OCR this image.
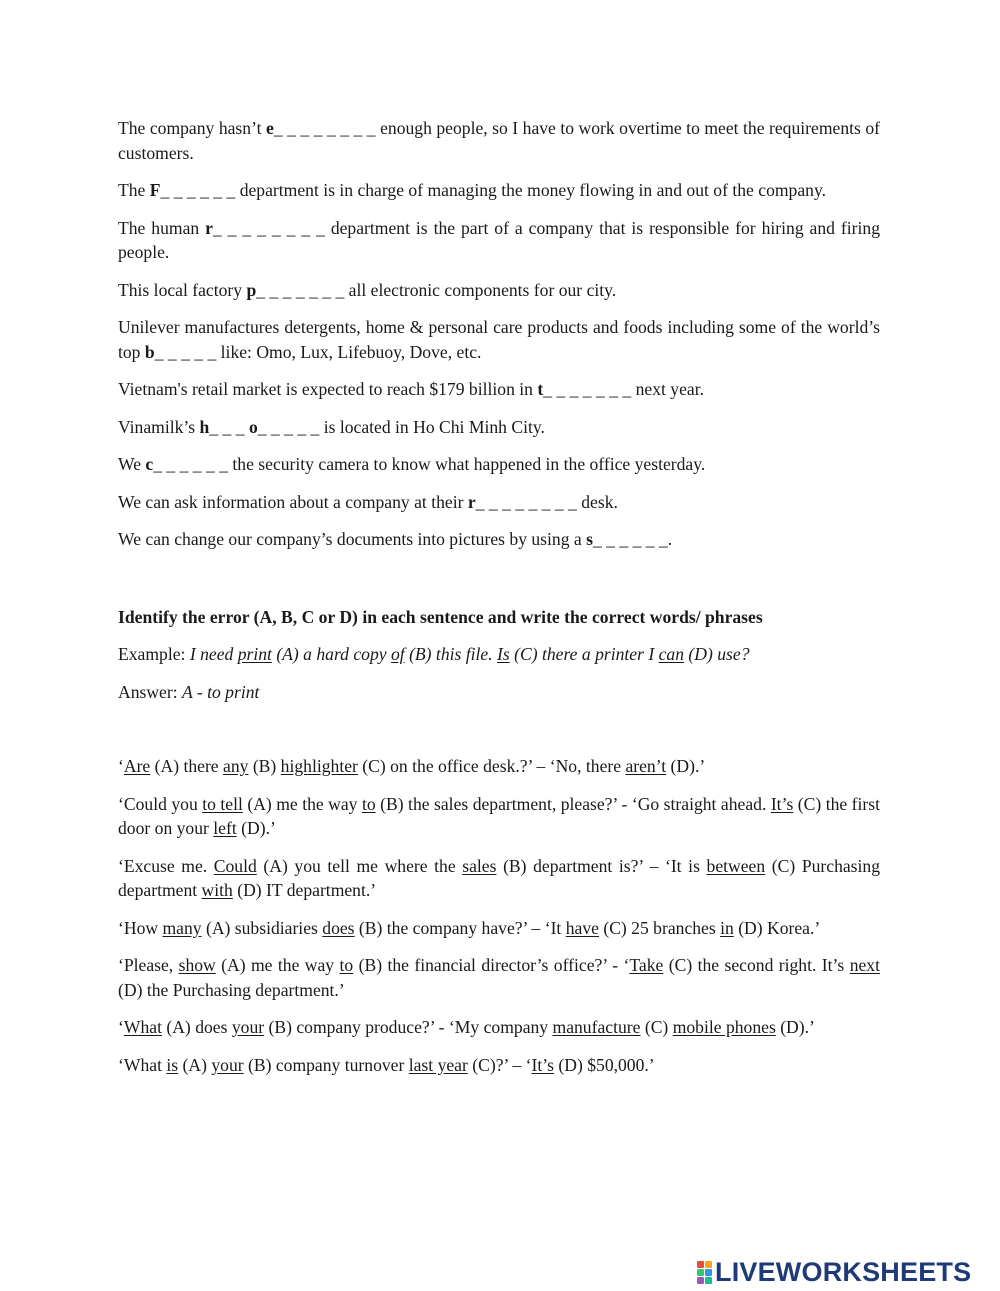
The company hasn’t e_ _ _ _ _ _ _ _ enough people, so I have to work overtime to meet the requirements of customers.

The F_ _ _ _ _ _ department is in charge of managing the money flowing in and out of the company.

The human r_ _ _ _ _ _ _ _ department is the part of a company that is responsible for hiring and firing people.

This local factory p_ _ _ _ _ _ _ all electronic components for our city.

Unilever manufactures detergents, home & personal care products and foods including some of the world’s top b_ _ _ _ _ like: Omo, Lux, Lifebuoy, Dove, etc.

Vietnam's retail market is expected to reach $179 billion in t_ _ _ _ _ _ _ next year.

Vinamilk’s h_ _ _ o_ _ _ _ _ is located in Ho Chi Minh City.

We c_ _ _ _ _ _ the security camera to know what happened in the office yesterday.

We can ask information about a company at their r_ _ _ _ _ _ _ _ desk.

We can change our company’s documents into pictures by using a s_ _ _ _ _ _.

Identify the error (A, B, C or D) in each sentence and write the correct words/ phrases

Example: I need print (A) a hard copy of (B) this file. Is (C) there a printer I can (D) use?

Answer: A - to print

‘Are (A) there any (B) highlighter (C) on the office desk.?’ – ‘No, there aren’t (D).’

‘Could you to tell (A) me the way to (B) the sales department, please?’ - ‘Go straight ahead. It’s (C) the first door on your left (D).’

‘Excuse me. Could (A) you tell me where the sales (B) department is?’ – ‘It is between (C) Purchasing department with (D) IT department.’

‘How many (A) subsidiaries does (B) the company have?’ – ‘It have (C) 25 branches in (D) Korea.’

‘Please, show (A) me the way to (B) the financial director’s office?’ - ‘Take (C) the second right. It’s next (D) the Purchasing department.’

‘What (A) does your (B) company produce?’ - ‘My company manufacture (C) mobile phones (D).’

‘What is (A) your (B) company turnover last year (C)?’ – ‘It’s (D) $50,000.’

LIVEWORKSHEETS
